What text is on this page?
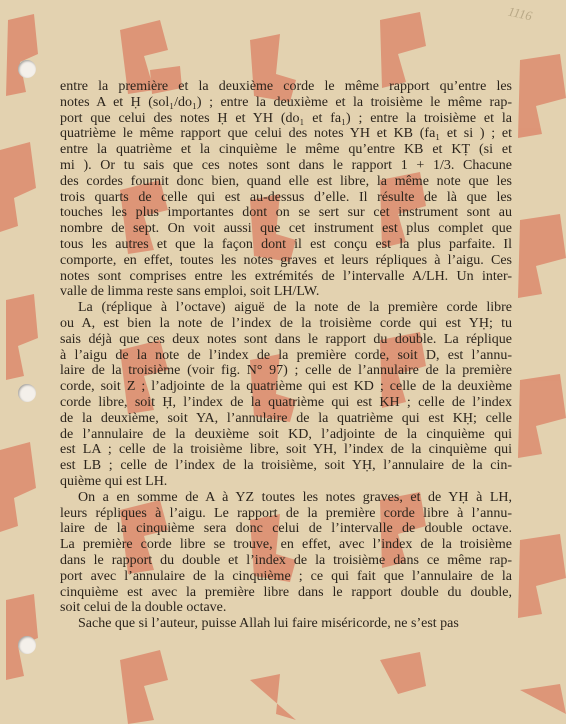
1116
entre la première et la deuxième corde le même rapport qu’entre les
notes A et Ḥ (sol₁/do₁) ; entre la deuxième et la troisième le même rap-
port que celui des notes Ḥ et YH (do₁ et fa₁) ; entre la troisième et la
quatrième le même rapport que celui des notes YH et KB (fa₁ et si ) ; et
entre la quatrième et la cinquième le même qu’entre KB et KṬ (si et
mi ). Or tu sais que ces notes sont dans le rapport 1 + 1/3. Chacune
des cordes fournit donc bien, quand elle est libre, la même note que les
trois quarts de celle qui est au-dessus d’elle. Il résulte de là que les
touches les plus importantes dont on se sert sur cet instrument sont au
nombre de sept. On voit aussi que cet instrument est plus complet que
tous les autres et que la façon dont il est conçu est la plus parfaite. Il
comporte, en effet, toutes les notes graves et leurs répliques à l’aigu. Ces
notes sont comprises entre les extrémités de l’intervalle A/LH. Un inter-
valle de limma reste sans emploi, soit LH/LW.
La (réplique à l’octave) aiguë de la note de la première corde libre
ou A, est bien la note de l’index de la troisième corde qui est YḤ; tu
sais déjà que ces deux notes sont dans le rapport du double. La réplique
à l’aigu de la note de l’index de la première corde, soit D, est l’annu-
laire de la troisième (voir fig. N° 97) ; celle de l’annulaire de la première
corde, soit Z ; l’adjointe de la quatrième qui est KD ; celle de la deuxième
corde libre, soit Ḥ, l’index de la quatrième qui est KH ; celle de l’index
de la deuxième, soit YA, l’annulaire de la quatrième qui est KḤ; celle
de l’annulaire de la deuxième soit KD, l’adjointe de la cinquième qui
est LA ; celle de la troisième libre, soit YH, l’index de la cinquième qui
est LB ; celle de l’index de la troisième, soit YḤ, l’annulaire de la cin-
quième qui est LH.
On a en somme de A à YZ toutes les notes graves, et de YḤ à LH,
leurs répliques à l’aigu. Le rapport de la première corde libre à l’annu-
laire de la cinquième sera donc celui de l’intervalle de double octave.
La première corde libre se trouve, en effet, avec l’index de la troisième
dans le rapport du double et l’index de la troisième dans ce même rap-
port avec l’annulaire de la cinquième ; ce qui fait que l’annulaire de la
cinquième est avec la première libre dans le rapport double du double,
soit celui de la double octave.
Sache que si l’auteur, puisse Allah lui faire miséricorde, ne s’est pas
